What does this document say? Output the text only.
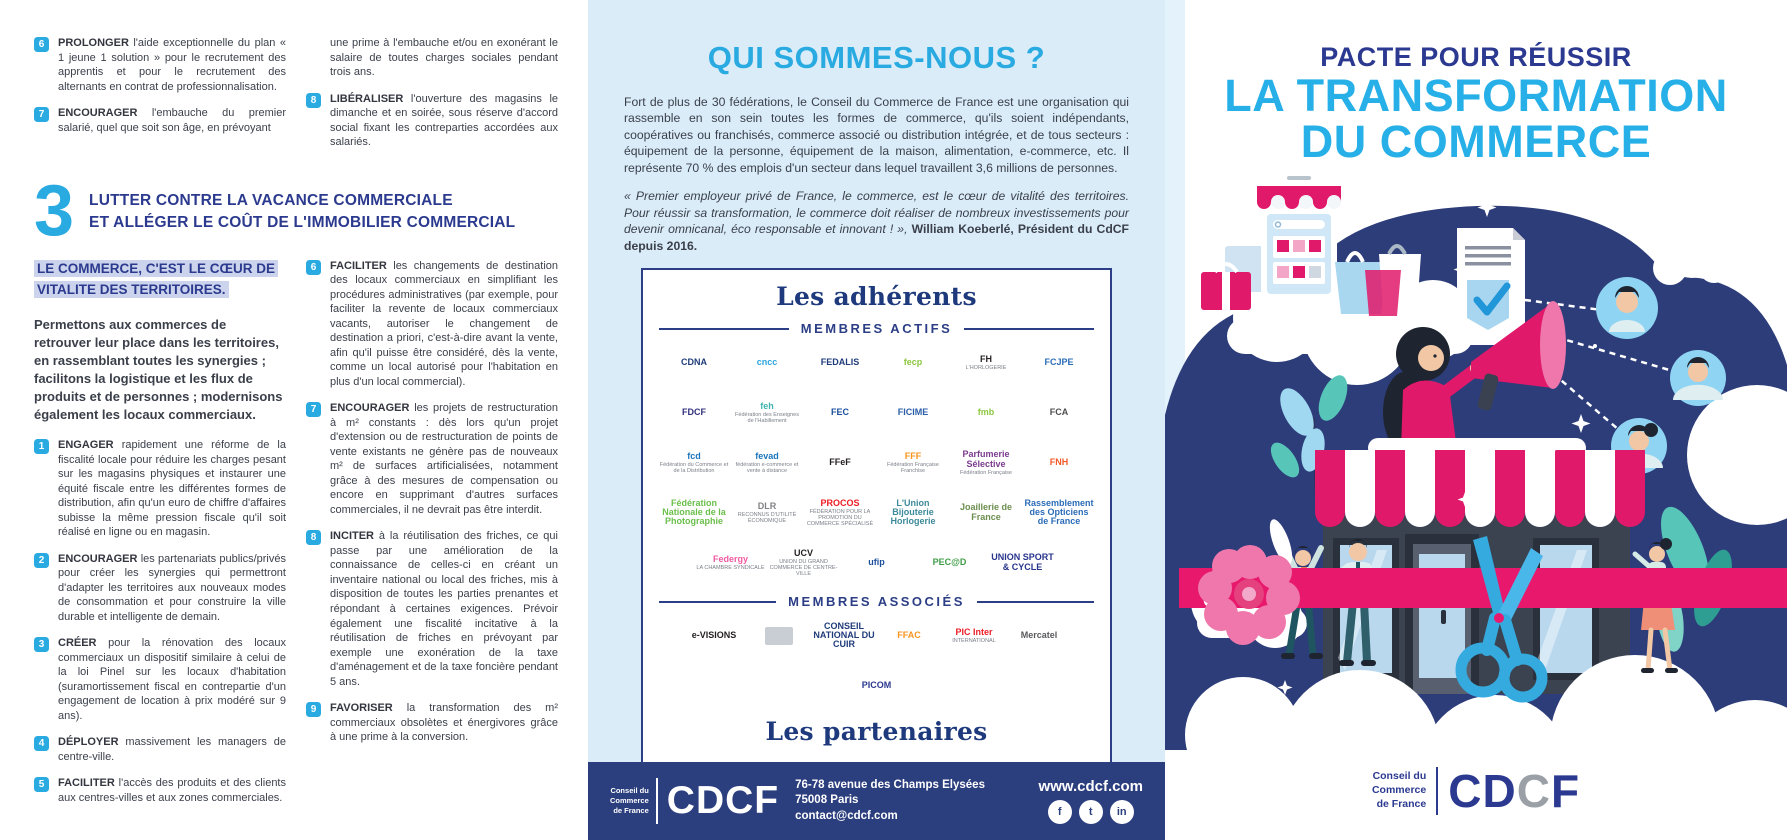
6	PROLONGER l'aide exceptionnelle du plan « 1 jeune 1 solution » pour le recrutement des apprentis et pour le recrutement des alternants en contrat de professionnalisation.

7	ENCOURAGER l'embauche du premier salarié, quel que soit son âge, en prévoyant

une prime à l'embauche et/ou en exonérant le salaire de toutes charges sociales pendant trois ans.

8	LIBÉRALISER l'ouverture des magasins le dimanche et en soirée, sous réserve d'accord social fixant les contreparties accordées aux salariés.

3 LUTTER CONTRE LA VACANCE COMMERCIALE
ET ALLÉGER LE COÛT DE L'IMMOBILIER COMMERCIAL
LE COMMERCE, C'EST LE CŒUR DE VITALITE DES TERRITOIRES.

Permettons aux commerces de retrouver leur place dans les territoires, en rassemblant toutes les synergies ; facilitons la logistique et les flux de produits et de personnes ; modernisons également les locaux commerciaux.

1	ENGAGER rapidement une réforme de la fiscalité locale pour réduire les charges pesant sur les magasins physiques et instaurer une équité fiscale entre les différentes formes de distribution, afin qu'un euro de chiffre d'affaires subisse la même pression fiscale qu'il soit réalisé en ligne ou en magasin.

2	ENCOURAGER les partenariats publics/privés pour créer les synergies qui permettront d'adapter les territoires aux nouveaux modes de consommation et pour construire la ville durable et intelligente de demain.

3	CRÉER pour la rénovation des locaux commerciaux un dispositif similaire à celui de la loi Pinel sur les locaux d'habitation (suramortissement fiscal en contrepartie d'un engagement de location à prix modéré sur 9 ans).

4	DÉPLOYER massivement les managers de centre-ville.

5	FACILITER l'accès des produits et des clients aux centres-villes et aux zones commerciales.

6	FACILITER les changements de destination des locaux commerciaux en simplifiant les procédures administratives (par exemple, pour faciliter la revente de locaux commerciaux vacants, autoriser le changement de destination a priori, c'est-à-dire avant la vente, afin qu'il puisse être considéré, dès la vente, comme un local autorisé pour l'habitation en plus d'un local commercial).

7	ENCOURAGER les projets de restructuration à m² constants : dès lors qu'un projet d'extension ou de restructuration de points de vente existants ne génère pas de nouveaux m² de surfaces artificialisées, notamment grâce à des mesures de compensation ou encore en supprimant d'autres surfaces commerciales, il ne devrait pas être interdit.

8	INCITER à la réutilisation des friches, ce qui passe par une amélioration de la connaissance de celles-ci en créant un inventaire national ou local des friches, mis à disposition de toutes les parties prenantes et répondant à certaines exigences. Prévoir également une fiscalité incitative à la réutilisation de friches en prévoyant par exemple une exonération de la taxe d'aménagement et de la taxe foncière pendant 5 ans.

9	FAVORISER la transformation des m² commerciaux obsolètes et énergivores grâce à une prime à la conversion.

QUI SOMMES-NOUS ?

Fort de plus de 30 fédérations, le Conseil du Commerce de France est une organisation qui rassemble en son sein toutes les formes de commerce, qu'ils soient indépendants, coopératives ou franchisés, commerce associé ou distribution intégrée, et de tous secteurs : équipement de la personne, équipement de la maison, alimentation, e-commerce, etc. Il représente 70 % des emplois d'un secteur dans lequel travaillent 3,6 millions de personnes.

« Premier employeur privé de France, le commerce, est le cœur de vitalité des territoires. Pour réussir sa transformation, le commerce doit réaliser de nombreux investissements pour devenir omnicanal, éco responsable et innovant ! », William Koeberlé, Président du CdCF depuis 2016.

Les adhérents
MEMBRES ACTIFS
CDNA	cncc	FEDALIS	fecp	FH
L'HORLOGERIE
FCJPE
FDCF
feh
Fédération des Enseignes de l'Habillement
FEC	FICIME	fmb	FCA
fcd
Fédération du Commerce et de la Distribution
fevad
fédération e-commerce et vente à distance
FFeF
FFF
Fédération Française Franchise
Parfumerie Sélective
Fédération Française
FNH
Fédération Nationale de la Photographie
DLR
RECONNUS D'UTILITÉ ÉCONOMIQUE
PROCOS
FÉDÉRATION POUR LA PROMOTION DU COMMERCE SPÉCIALISÉ
L'Union Bijouterie Horlogerie
Joaillerie de France
Rassemblement des Opticiens de France
Federgy
LA CHAMBRE SYNDICALE
UCV
UNION DU GRAND COMMERCE DE CENTRE-VILLE
ufip	PEC@D	UNION SPORT & CYCLE
MEMBRES ASSOCIÉS
e-VISIONS
CONSEIL NATIONAL DU CUIR
FFAC	PIC Inter
INTERNATIONAL
Mercatel
PICOM
Les partenaires
Conseil du
Commerce
de France CDCF 76-78 avenue des Champs Elysées
75008 Paris
contact@cdcf.com
www.cdcf.com
f	t	in
PACTE POUR RÉUSSIR
LA TRANSFORMATION
DU COMMERCE
Conseil du
Commerce
de France C D C F
